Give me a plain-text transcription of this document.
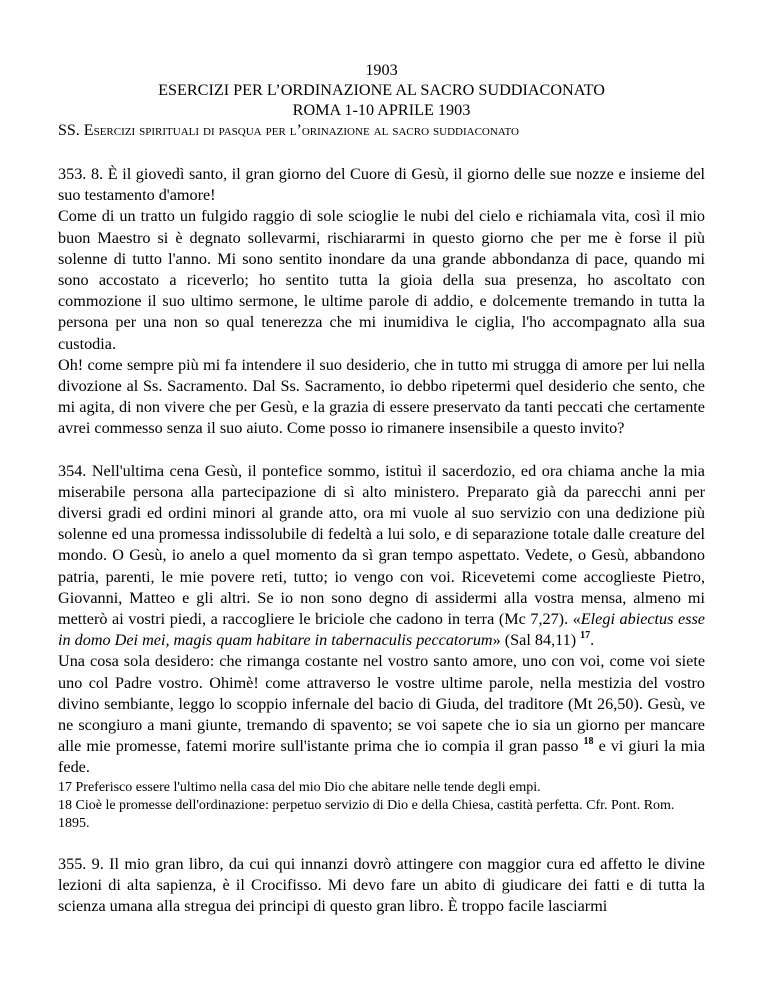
1903
ESERCIZI PER L’ORDINAZIONE AL SACRO SUDDIACONATO
ROMA 1-10 APRILE 1903
SS. Esercizi spirituali di pasqua per l’orinazione al sacro suddiaconato

353. 8. È il giovedì santo, il gran giorno del Cuore di Gesù, il giorno delle sue nozze e insieme del suo testamento d'amore!

Come di un tratto un fulgido raggio di sole scioglie le nubi del cielo e richiamala vita, così il mio buon Maestro si è degnato sollevarmi, rischiararmi in questo giorno che per me è forse il più solenne di tutto l'anno. Mi sono sentito inondare da una grande abbondanza di pace, quando mi sono accostato a riceverlo; ho sentito tutta la gioia della sua presenza, ho ascoltato con commozione il suo ultimo sermone, le ultime parole di addio, e dolcemente tremando in tutta la persona per una non so qual tenerezza che mi inumidiva le ciglia, l'ho accompagnato alla sua custodia.

Oh! come sempre più mi fa intendere il suo desiderio, che in tutto mi strugga di amore per lui nella divozione al Ss. Sacramento. Dal Ss. Sacramento, io debbo ripetermi quel desiderio che sento, che mi agita, di non vivere che per Gesù, e la grazia di essere preservato da tanti peccati che certamente avrei commesso senza il suo aiuto. Come posso io rimanere insensibile a questo invito?

354. Nell'ultima cena Gesù, il pontefice sommo, istituì il sacerdozio, ed ora chiama anche la mia miserabile persona alla partecipazione di sì alto ministero. Preparato già da parecchi anni per diversi gradi ed ordini minori al grande atto, ora mi vuole al suo servizio con una dedizione più solenne ed una promessa indissolubile di fedeltà a lui solo, e di separazione totale dalle creature del mondo. O Gesù, io anelo a quel momento da sì gran tempo aspettato. Vedete, o Gesù, abbandono patria, parenti, le mie povere reti, tutto; io vengo con voi. Ricevetemi come accoglieste Pietro, Giovanni, Matteo e gli altri. Se io non sono degno di assidermi alla vostra mensa, almeno mi metterò ai vostri piedi, a raccogliere le briciole che cadono in terra (Mc 7,27). «Elegi abiectus esse in domo Dei mei, magis quam habitare in tabernaculis peccatorum» (Sal 84,11) $^{17}$.

Una cosa sola desidero: che rimanga costante nel vostro santo amore, uno con voi, come voi siete uno col Padre vostro. Ohimè! come attraverso le vostre ultime parole, nella mestizia del vostro divino sembiante, leggo lo scoppio infernale del bacio di Giuda, del traditore (Mt 26,50). Gesù, ve ne scongiuro a mani giunte, tremando di spavento; se voi sapete che io sia un giorno per mancare alle mie promesse, fatemi morire sull'istante prima che io compia il gran passo $^{18}$ e vi giuri la mia fede.

17 Preferisco essere l'ultimo nella casa del mio Dio che abitare nelle tende degli empi.

18 Cioè le promesse dell'ordinazione: perpetuo servizio di Dio e della Chiesa, castità perfetta. Cfr. Pont. Rom. 1895.

355. 9. Il mio gran libro, da cui qui innanzi dovrò attingere con maggior cura ed affetto le divine lezioni di alta sapienza, è il Crocifisso. Mi devo fare un abito di giudicare dei fatti e di tutta la scienza umana alla stregua dei principi di questo gran libro. È troppo facile lasciarmi
